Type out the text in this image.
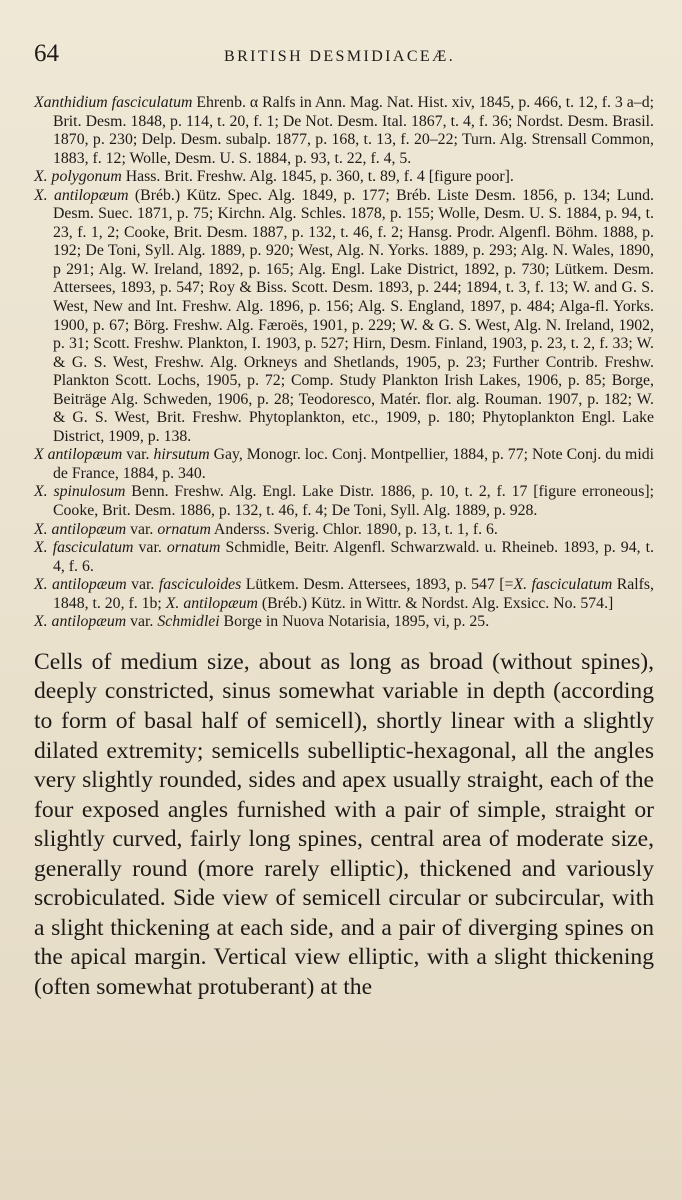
64	BRITISH DESMIDIACEÆ.

Xanthidium fasciculatum Ehrenb. α Ralfs in Ann. Mag. Nat. Hist. xiv, 1845, p. 466, t. 12, f. 3 a–d; Brit. Desm. 1848, p. 114, t. 20, f. 1; De Not. Desm. Ital. 1867, t. 4, f. 36; Nordst. Desm. Brasil. 1870, p. 230; Delp. Desm. subalp. 1877, p. 168, t. 13, f. 20–22; Turn. Alg. Strensall Common, 1883, f. 12; Wolle, Desm. U. S. 1884, p. 93, t. 22, f. 4, 5.

X. polygonum Hass. Brit. Freshw. Alg. 1845, p. 360, t. 89, f. 4 [figure poor].

X. antilopæum (Bréb.) Kütz. Spec. Alg. 1849, p. 177; Bréb. Liste Desm. 1856, p. 134; Lund. Desm. Suec. 1871, p. 75; Kirchn. Alg. Schles. 1878, p. 155; Wolle, Desm. U. S. 1884, p. 94, t. 23, f. 1, 2; Cooke, Brit. Desm. 1887, p. 132, t. 46, f. 2; Hansg. Prodr. Algenfl. Böhm. 1888, p. 192; De Toni, Syll. Alg. 1889, p. 920; West, Alg. N. Yorks. 1889, p. 293; Alg. N. Wales, 1890, p 291; Alg. W. Ireland, 1892, p. 165; Alg. Engl. Lake District, 1892, p. 730; Lütkem. Desm. Attersees, 1893, p. 547; Roy & Biss. Scott. Desm. 1893, p. 244; 1894, t. 3, f. 13; W. and G. S. West, New and Int. Freshw. Alg. 1896, p. 156; Alg. S. England, 1897, p. 484; Alga-fl. Yorks. 1900, p. 67; Börg. Freshw. Alg. Færoës, 1901, p. 229; W. & G. S. West, Alg. N. Ireland, 1902, p. 31; Scott. Freshw. Plankton, I. 1903, p. 527; Hirn, Desm. Finland, 1903, p. 23, t. 2, f. 33; W. & G. S. West, Freshw. Alg. Orkneys and Shetlands, 1905, p. 23; Further Contrib. Freshw. Plankton Scott. Lochs, 1905, p. 72; Comp. Study Plankton Irish Lakes, 1906, p. 85; Borge, Beiträge Alg. Schweden, 1906, p. 28; Teodoresco, Matér. flor. alg. Rouman. 1907, p. 182; W. & G. S. West, Brit. Freshw. Phytoplankton, etc., 1909, p. 180; Phytoplankton Engl. Lake District, 1909, p. 138.

X antilopæum var. hirsutum Gay, Monogr. loc. Conj. Montpellier, 1884, p. 77; Note Conj. du midi de France, 1884, p. 340.

X. spinulosum Benn. Freshw. Alg. Engl. Lake Distr. 1886, p. 10, t. 2, f. 17 [figure erroneous]; Cooke, Brit. Desm. 1886, p. 132, t. 46, f. 4; De Toni, Syll. Alg. 1889, p. 928.

X. antilopæum var. ornatum Anderss. Sverig. Chlor. 1890, p. 13, t. 1, f. 6.

X. fasciculatum var. ornatum Schmidle, Beitr. Algenfl. Schwarzwald. u. Rheineb. 1893, p. 94, t. 4, f. 6.

X. antilopæum var. fasciculoides Lütkem. Desm. Attersees, 1893, p. 547 [=X. fasciculatum Ralfs, 1848, t. 20, f. 1b; X. antilopæum (Bréb.) Kütz. in Wittr. & Nordst. Alg. Exsicc. No. 574.]

X. antilopæum var. Schmidlei Borge in Nuova Notarisia, 1895, vi, p. 25.

Cells of medium size, about as long as broad (without spines), deeply constricted, sinus somewhat variable in depth (according to form of basal half of semicell), shortly linear with a slightly dilated extremity; semicells subelliptic-hexagonal, all the angles very slightly rounded, sides and apex usually straight, each of the four exposed angles furnished with a pair of simple, straight or slightly curved, fairly long spines, central area of moderate size, generally round (more rarely elliptic), thickened and variously scrobiculated. Side view of semicell circular or subcircular, with a slight thickening at each side, and a pair of diverging spines on the apical margin. Vertical view elliptic, with a slight thickening (often somewhat protuberant) at the
